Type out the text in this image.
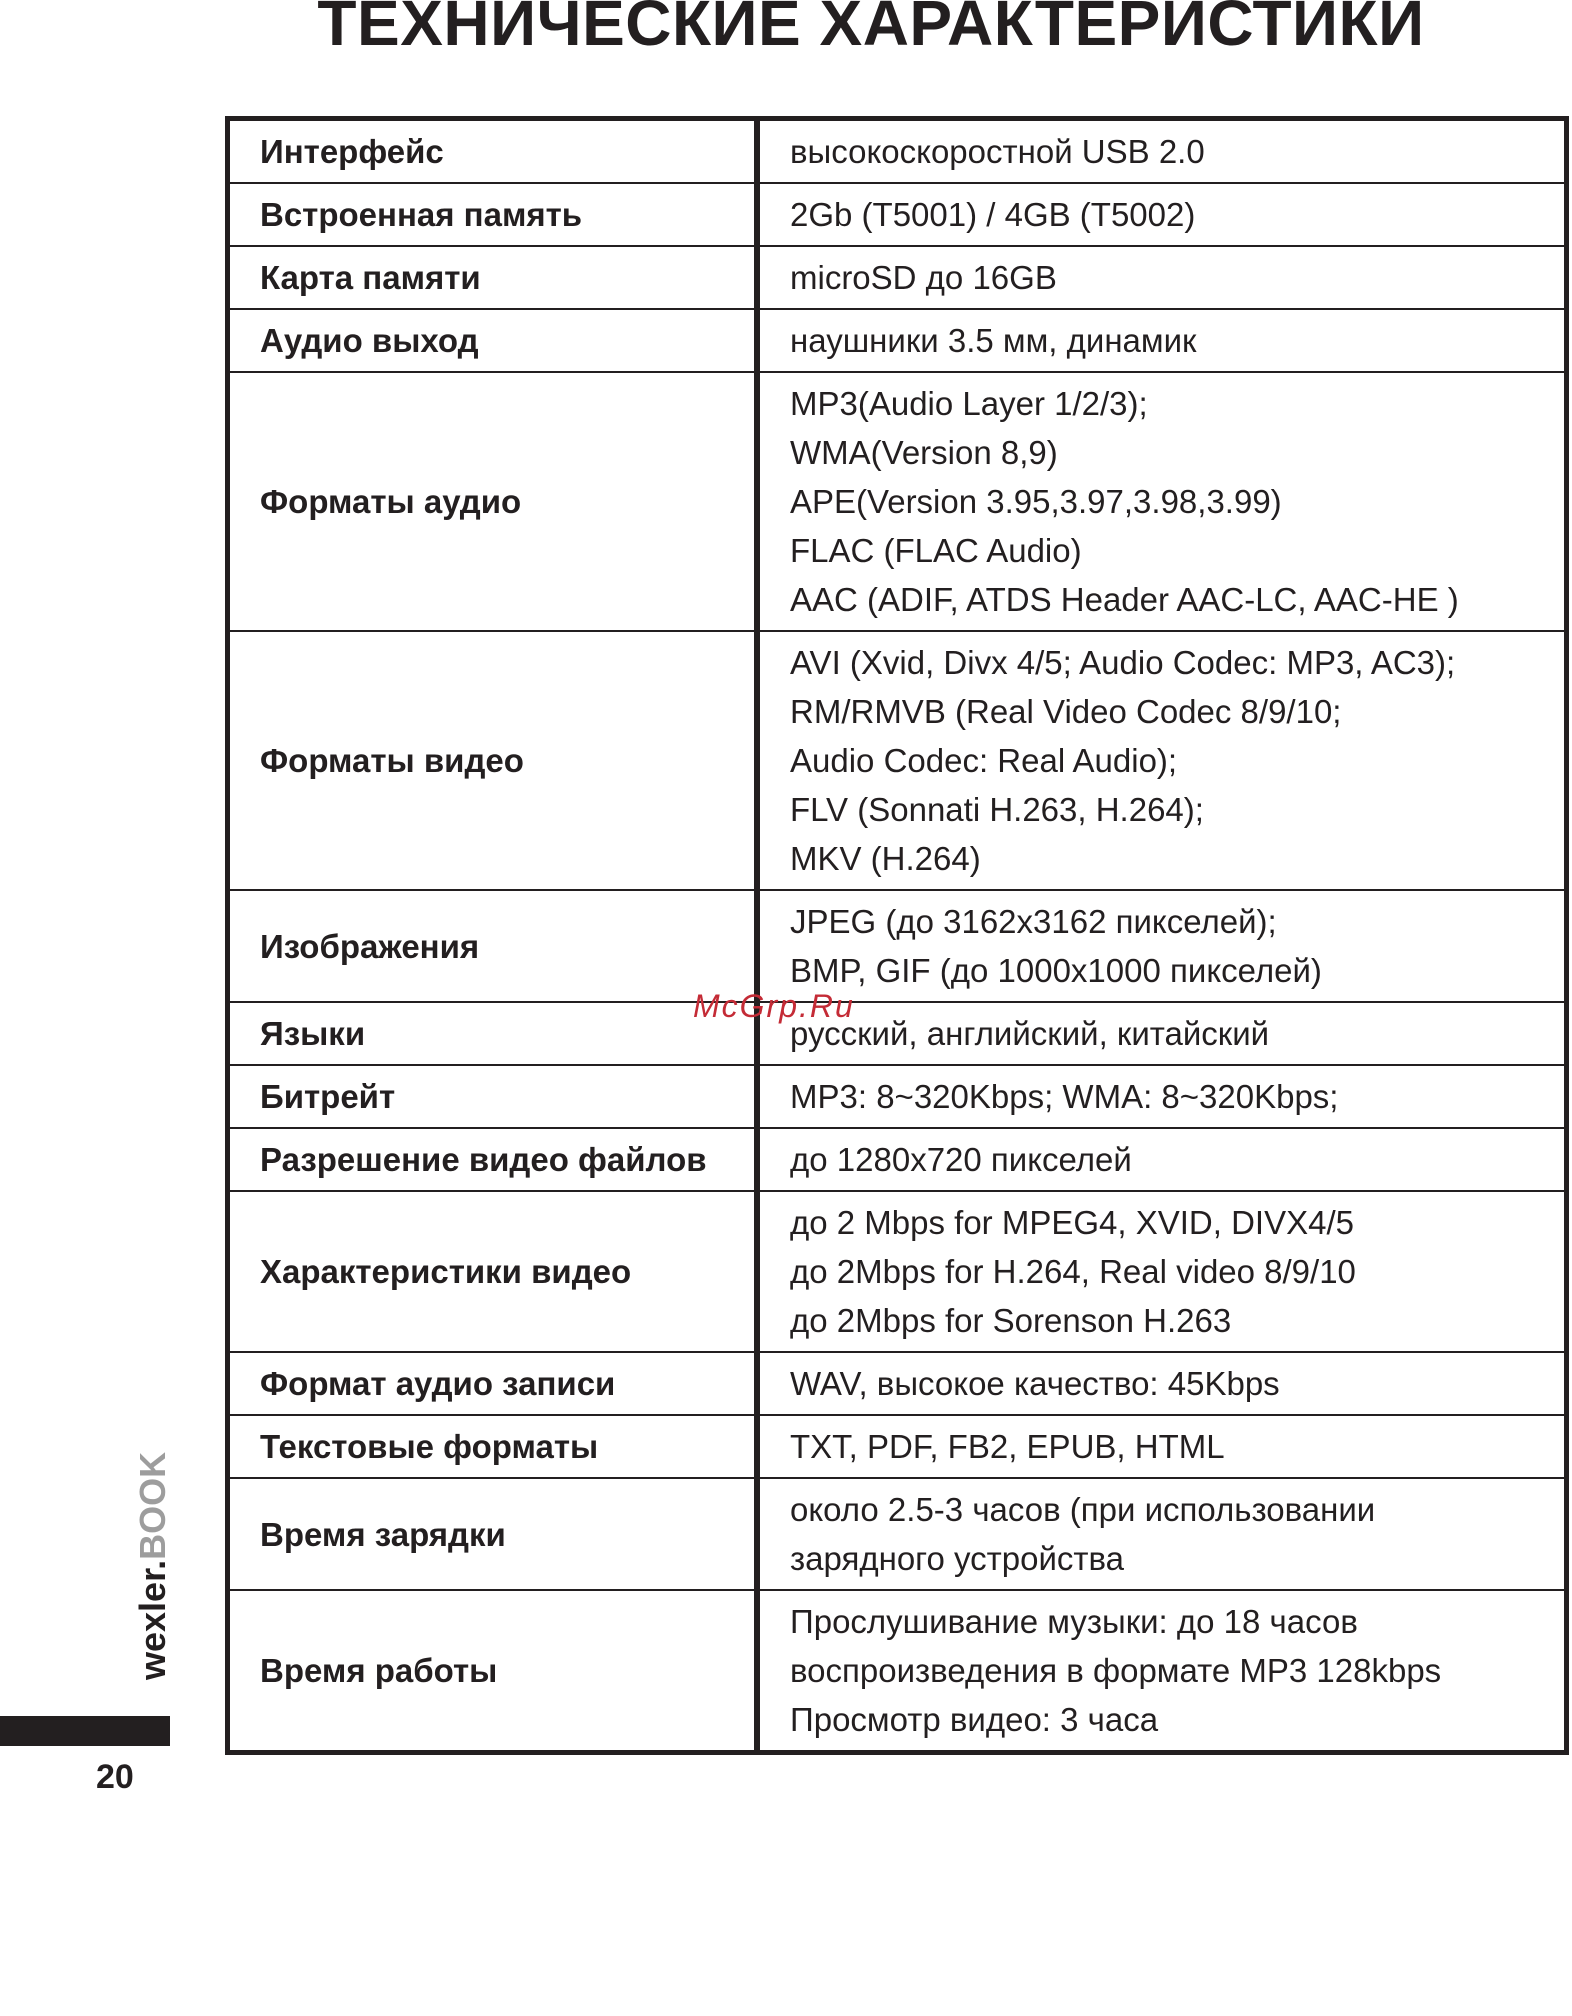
ТЕХНИЧЕСКИЕ ХАРАКТЕРИСТИКИ
Интерфейс	высокоскоростной USB 2.0

Встроенная память	2Gb (T5001) / 4GB (T5002)

Карта памяти	microSD до 16GB

Аудио выход	наушники 3.5 мм, динамик

Форматы аудио	MP3(Audio Layer 1/2/3);
WMA(Version 8,9)
APE(Version 3.95,3.97,3.98,3.99)
FLAC (FLAC Audio)
AAC (ADIF, ATDS Header AAC-LC, AAC-HE )

Форматы видео	AVI (Xvid, Divx 4/5; Audio Codec: MP3, AC3);
RM/RMVB (Real Video Codec 8/9/10;
Audio Codec: Real Audio);
FLV (Sonnati H.263, H.264);
MKV (H.264)

Изображения	JPEG (до 3162x3162 пикселей);
BMP, GIF (до 1000x1000 пикселей)

Языки	русский, английский, китайский

Битрейт	MP3: 8~320Kbps; WMA: 8~320Kbps;

Разрешение видео файлов	до 1280x720 пикселей

Характеристики видео	до 2 Mbps for MPEG4, XVID, DIVX4/5
до 2Mbps for H.264, Real video 8/9/10
до 2Mbps for Sorenson H.263

Формат аудио записи	WAV, высокое качество: 45Kbps

Текстовые форматы	TXT, PDF, FB2, EPUB, HTML

Время зарядки	около 2.5-3 часов (при использовании
зарядного устройства

Время работы	Прослушивание музыки: до 18 часов
воспроизведения в формате MP3 128kbps
Просмотр видео: 3 часа
McGrp.Ru
wexler.BOOK
20
